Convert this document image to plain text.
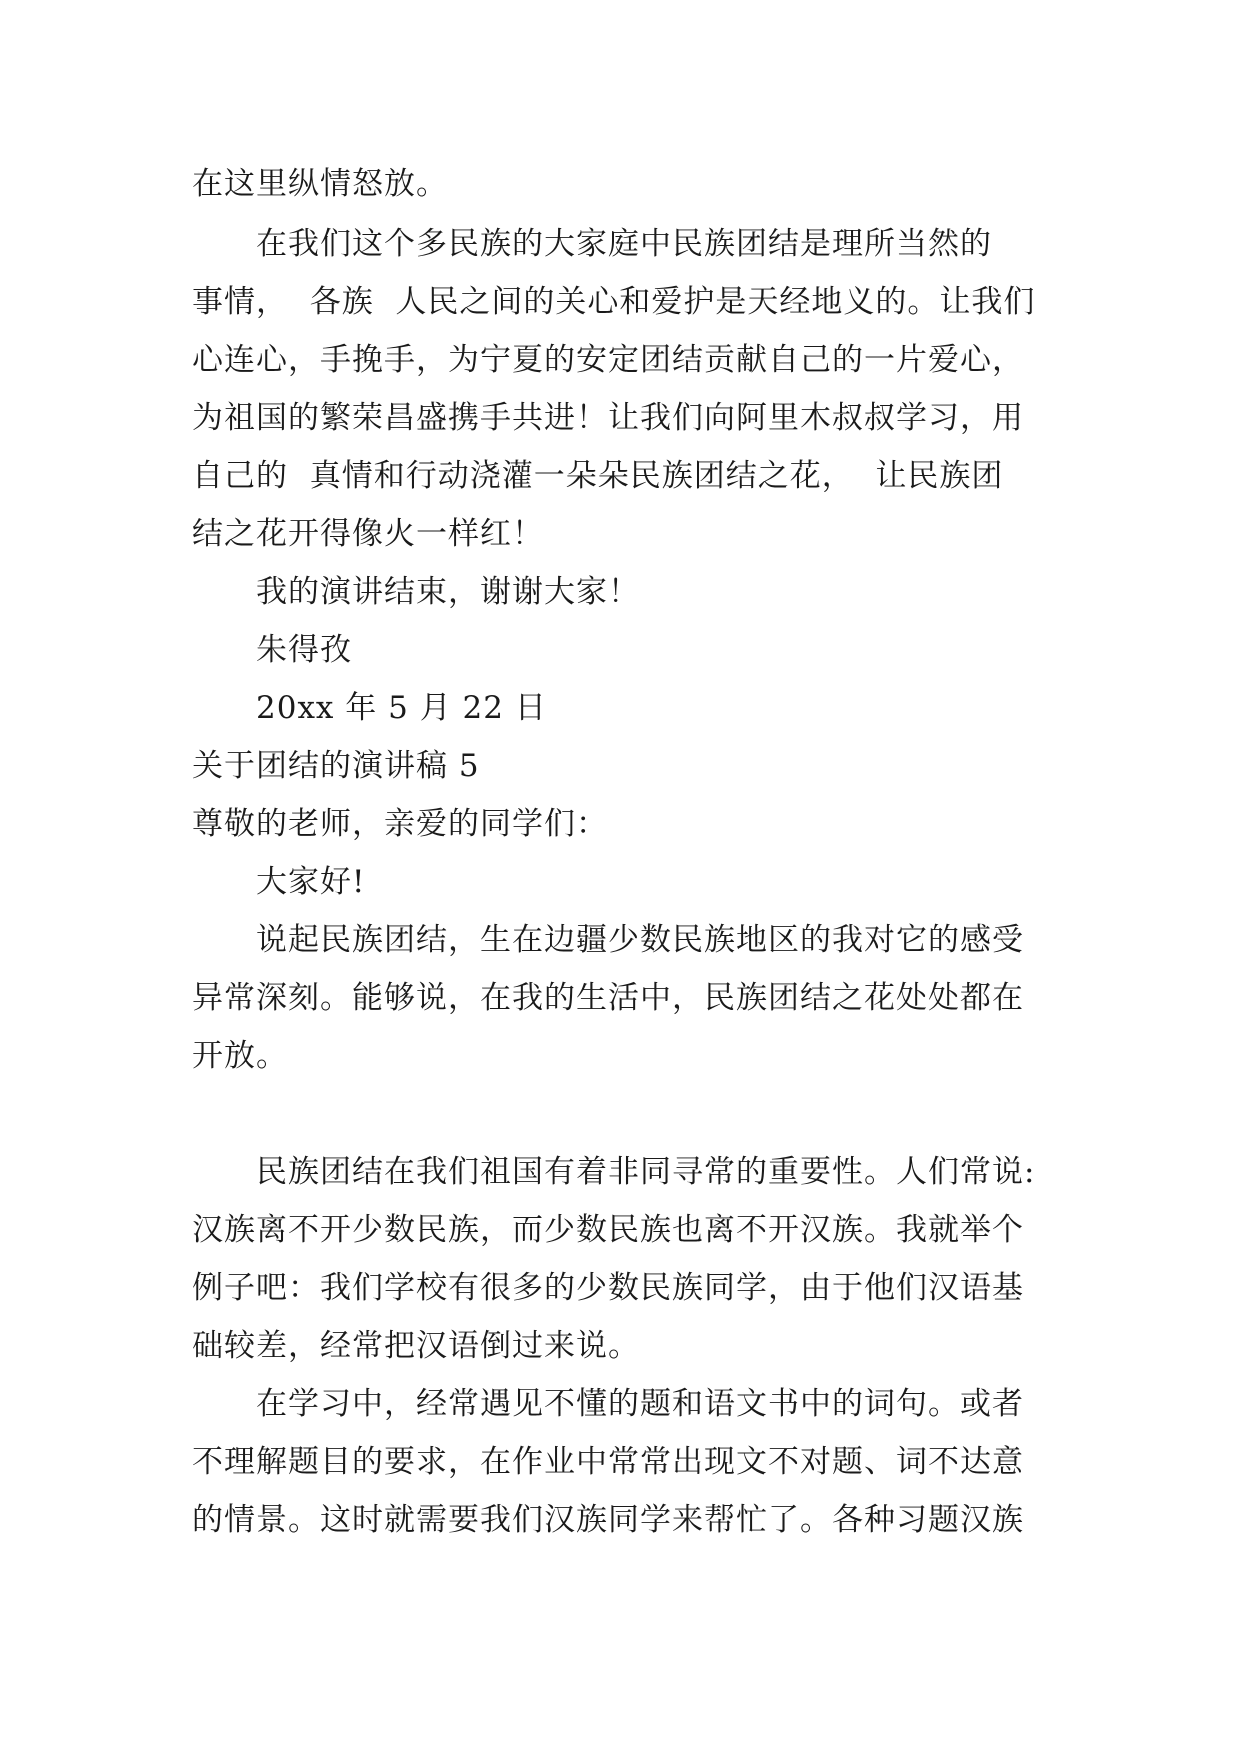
在这里纵情怒放。
在我们这个多民族的大家庭中民族团结是理所当然的
事情，  各族  人民之间的关心和爱护是天经地义的。让我们
心连心，手挽手，为宁夏的安定团结贡献自己的一片爱心，
为祖国的繁荣昌盛携手共进！让我们向阿里木叔叔学习，用
自己的  真情和行动浇灌一朵朵民族团结之花，  让民族团
结之花开得像火一样红！
我的演讲结束，谢谢大家！
朱得孜
20xx 年 5 月 22 日
关于团结的演讲稿 5
尊敬的老师，亲爱的同学们：
大家好!
说起民族团结，生在边疆少数民族地区的我对它的感受
异常深刻。能够说，在我的生活中，民族团结之花处处都在
开放。
民族团结在我们祖国有着非同寻常的重要性。人们常说:
汉族离不开少数民族，而少数民族也离不开汉族。我就举个
例子吧：我们学校有很多的少数民族同学，由于他们汉语基
础较差，经常把汉语倒过来说。
在学习中，经常遇见不懂的题和语文书中的词句。或者
不理解题目的要求，在作业中常常出现文不对题、词不达意
的情景。这时就需要我们汉族同学来帮忙了。各种习题汉族
